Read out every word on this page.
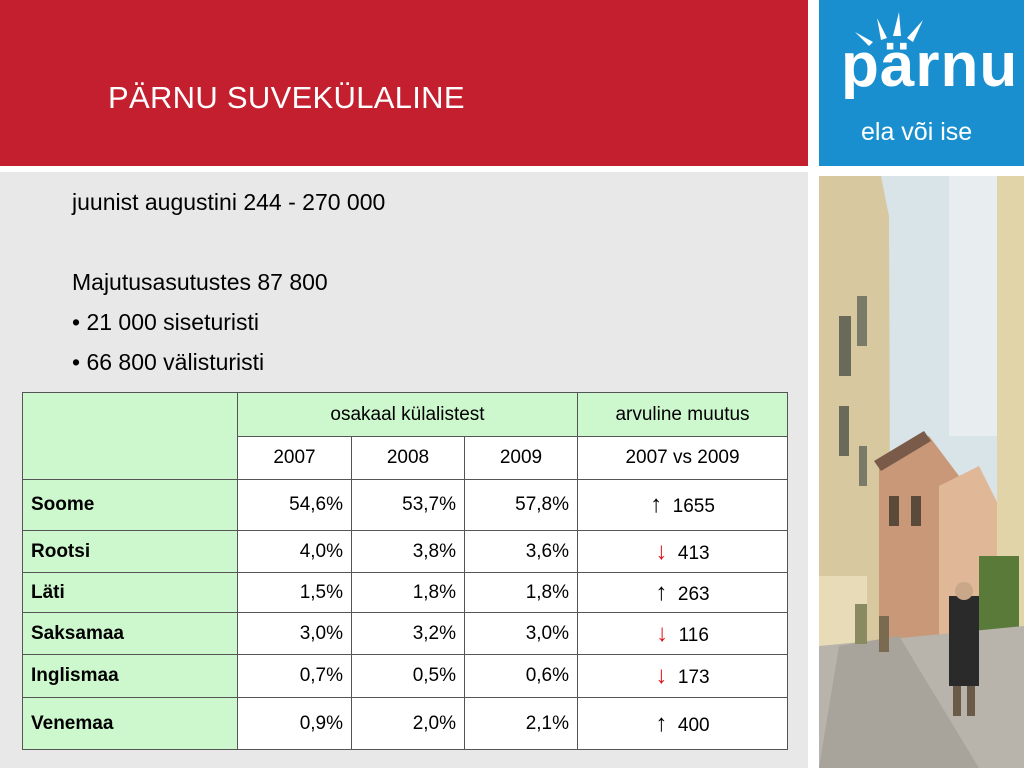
PÄRNU SUVEKÜLALINE	pärnu
ela või ise
juunist augustini 244 - 270 000
Majutusasutustes 87 800
• 21 000 siseturisti
• 66 800 välisturisti
	osakaal külalistest			arvuline muutus
	2007	2008	2009	2007 vs 2009
Soome	54,6%	53,7%	57,8%	↑ 1655
Rootsi	4,0%	3,8%	3,6%	↓ 413
Läti	1,5%	1,8%	1,8%	↑ 263
Saksamaa	3,0%	3,2%	3,0%	↓ 116
Inglismaa	0,7%	0,5%	0,6%	↓ 173
Venemaa	0,9%	2,0%	2,1%	↑ 400
